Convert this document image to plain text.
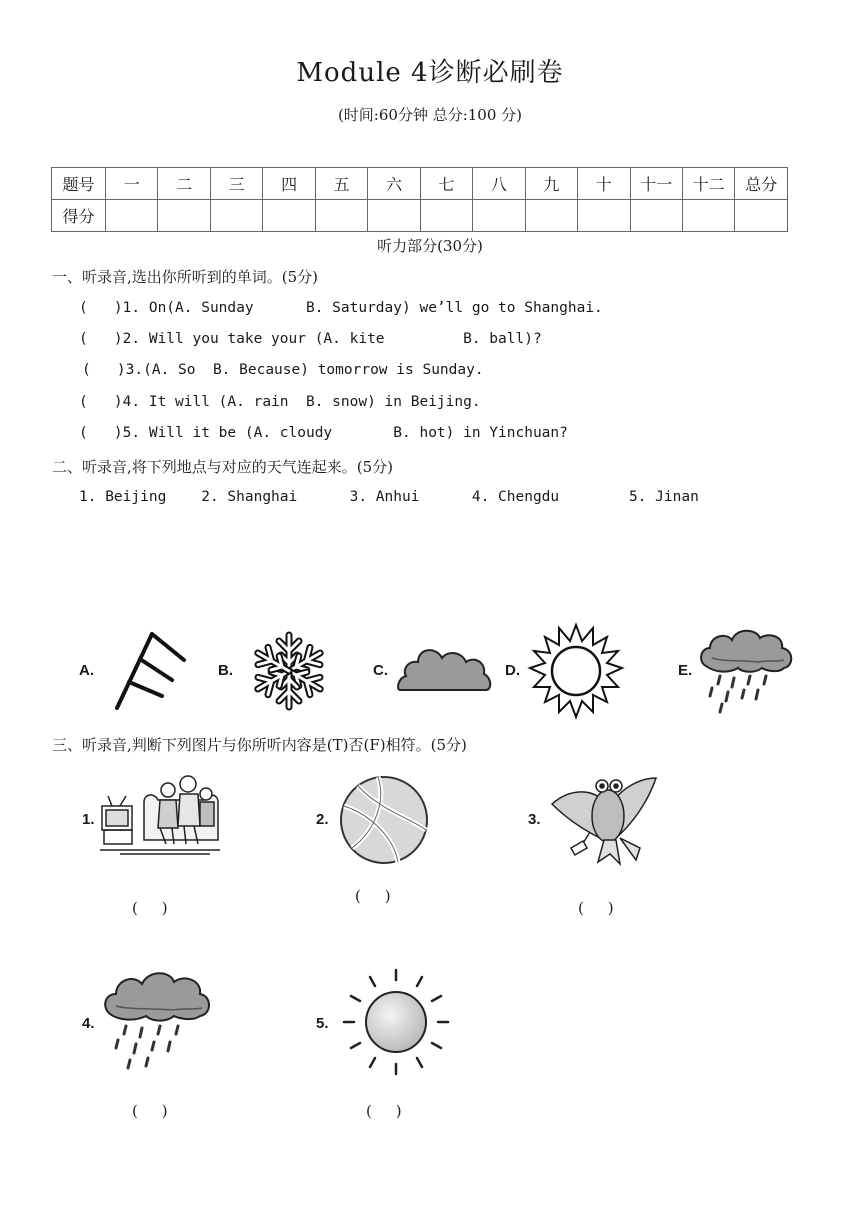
Module 4诊断必刷卷
(时间:60分钟 总分:100 分)
题号	一	二	三	四	五	六	七	八	九	十	十一	十二	总分
得分													
听力部分(30分)
一、听录音,选出你所听到的单词。(5分)
(   )1. On(A. Sunday      B. Saturday) we’ll go to Shanghai.
(   )2. Will you take your (A. kite         B. ball)?
(   )3.(A. So  B. Because) tomorrow is Sunday.
(   )4. It will (A. rain  B. snow) in Beijing.
(   )5. Will it be (A. cloudy       B. hot) in Yinchuan?
二、听录音,将下列地点与对应的天气连起来。(5分)
1. Beijing    2. Shanghai      3. Anhui      4. Chengdu        5. Jinan
A.	B.	C.	D.	E.
三、听录音,判断下列图片与你所听内容是(T)否(F)相符。(5分)
1.	2.	3.
4.	5.
(     )
(     )
(     )
(     )	(     )
